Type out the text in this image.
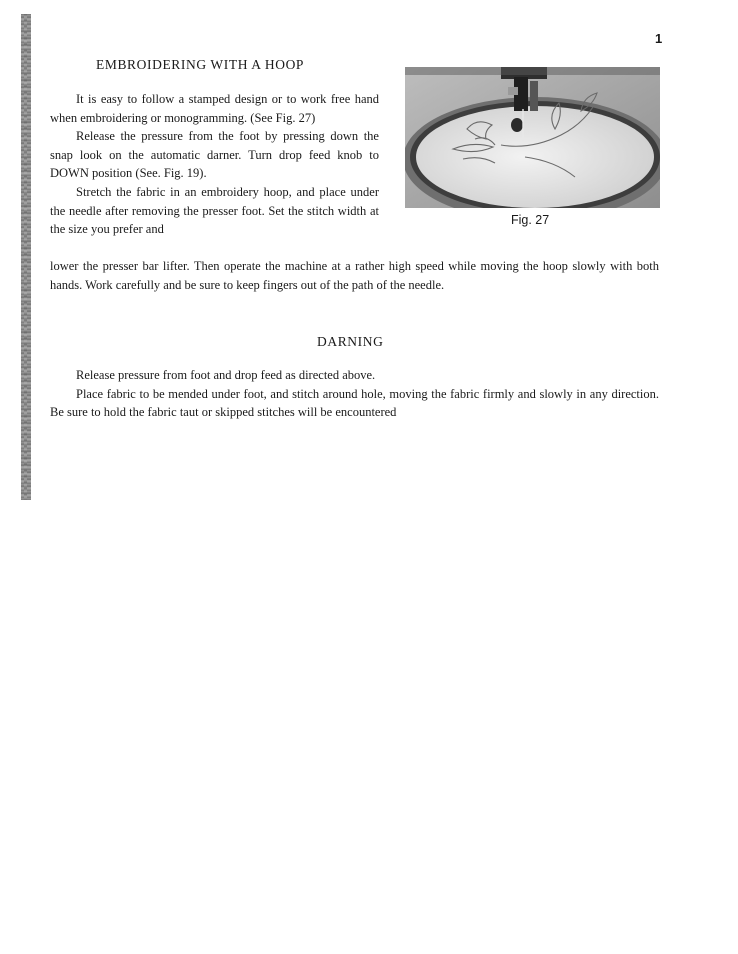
1
EMBROIDERING WITH A HOOP

It is easy to follow a stamped design or to work free hand when embroidering or monogramming. (See Fig. 27)

Release the pressure from the foot by pressing down the snap look on the automatic darner. Turn drop feed knob to DOWN position (See. Fig. 19).

Stretch the fabric in an embroidery hoop, and place under the needle after removing the presser foot. Set the stitch width at the size you prefer and

Fig. 27

lower the presser bar lifter. Then operate the machine at a rather high speed while moving the hoop slowly with both hands. Work carefully and be sure to keep fingers out of the path of the needle.

DARNING

Release pressure from foot and drop feed as directed above.

Place fabric to be mended under foot, and stitch around hole, moving the fabric firmly and slowly in any direction. Be sure to hold the fabric taut or skipped stitches will be encountered
